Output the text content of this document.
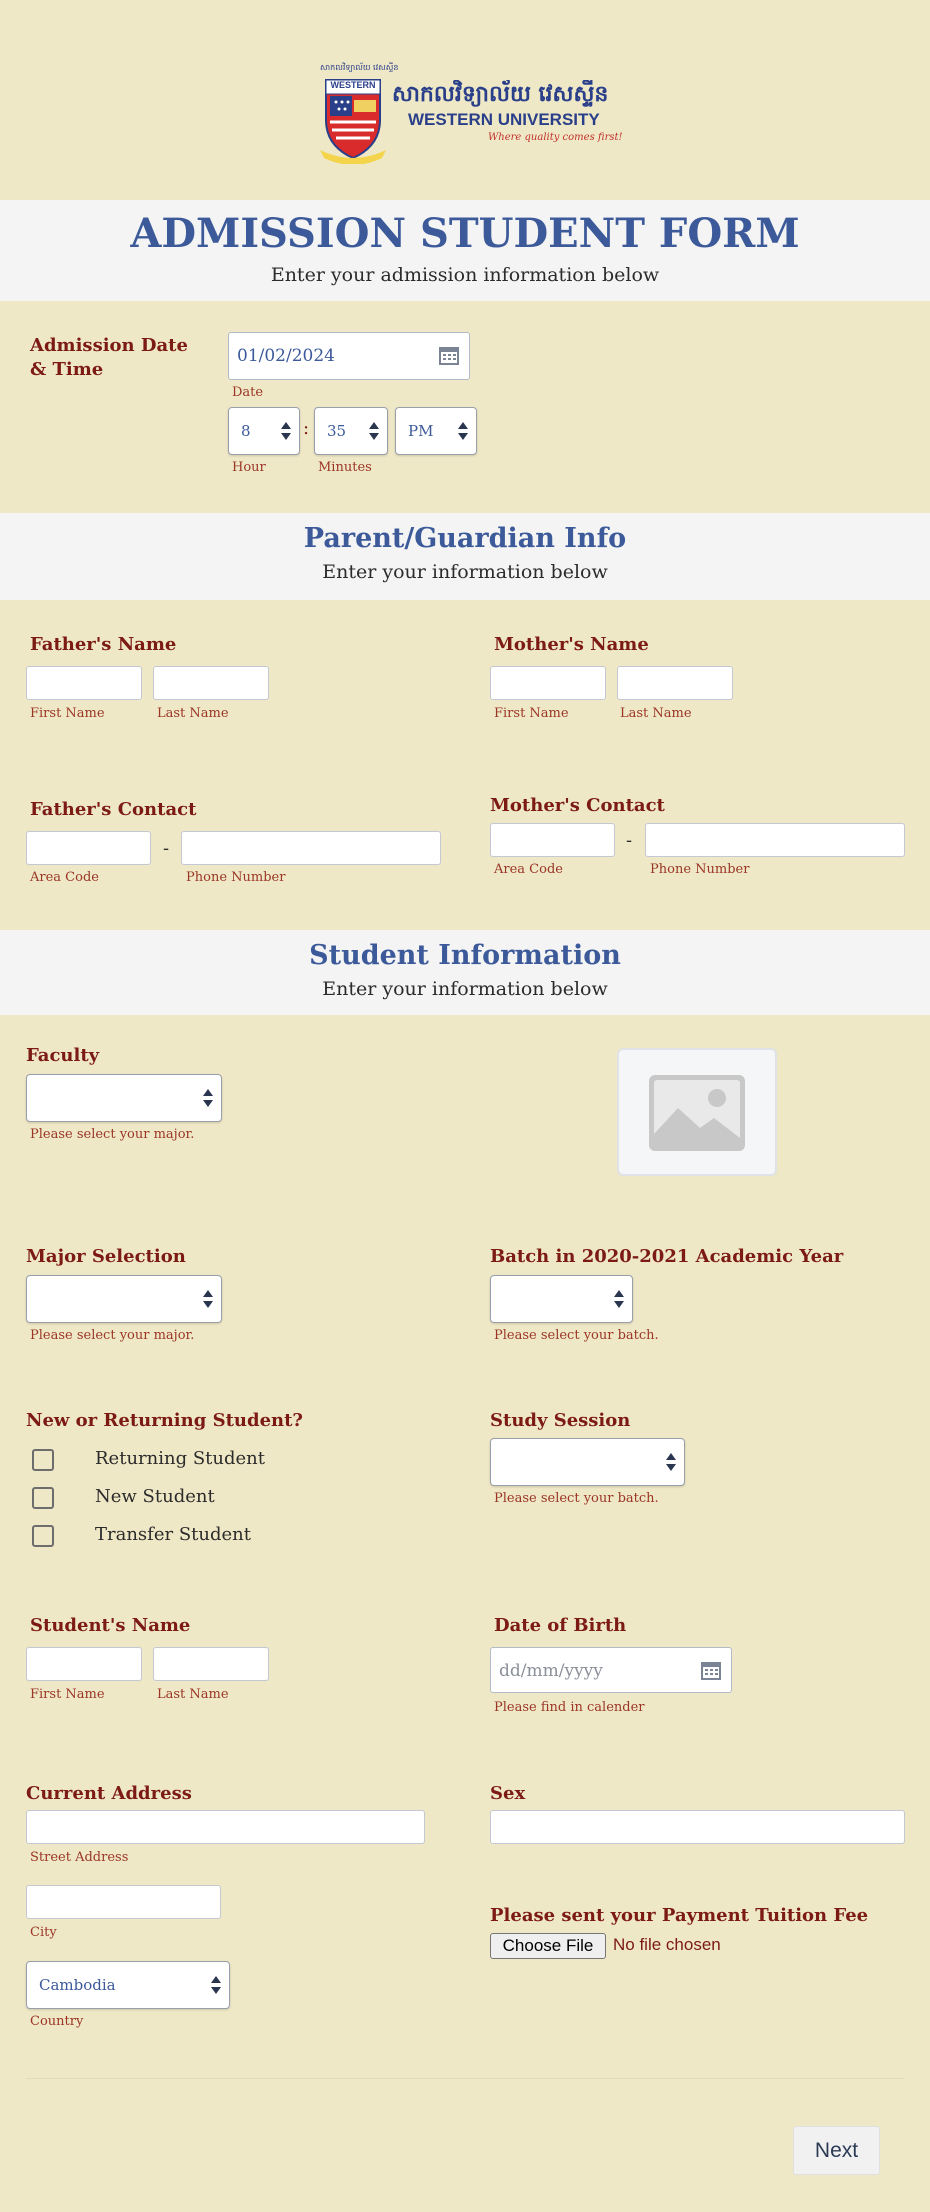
សាកលវិទ្យាល័យ វេសស្ទីន
WESTERN សាកលវិទ្យាល័យ វេសស្ទីន
WESTERN UNIVERSITY
Where quality comes first!
ADMISSION STUDENT FORM

Enter your admission information below

Admission Date & Time
01/02/2024
Date
8	: 35	PM
Hour	Minutes
Parent/Guardian Info

Enter your information below

Father's Name
First Name	Last Name
Mother's Name
First Name	Last Name
Father's Contact
-
Area Code	Phone Number
Mother's Contact
-
Area Code	Phone Number
Student Information

Enter your information below

Faculty
Please select your major.
Major Selection
Please select your major.
Batch in 2020-2021 Academic Year
Please select your batch.
New or Returning Student?
Returning Student
New Student
Transfer Student
Study Session
Please select your batch.
Student's Name
First Name	Last Name
Date of Birth
dd/mm/yyyy
Please find in calender
Current Address
Street Address
City
Cambodia
Country
Sex
Please sent your Payment Tuition Fee
Choose File	No file chosen
Next
